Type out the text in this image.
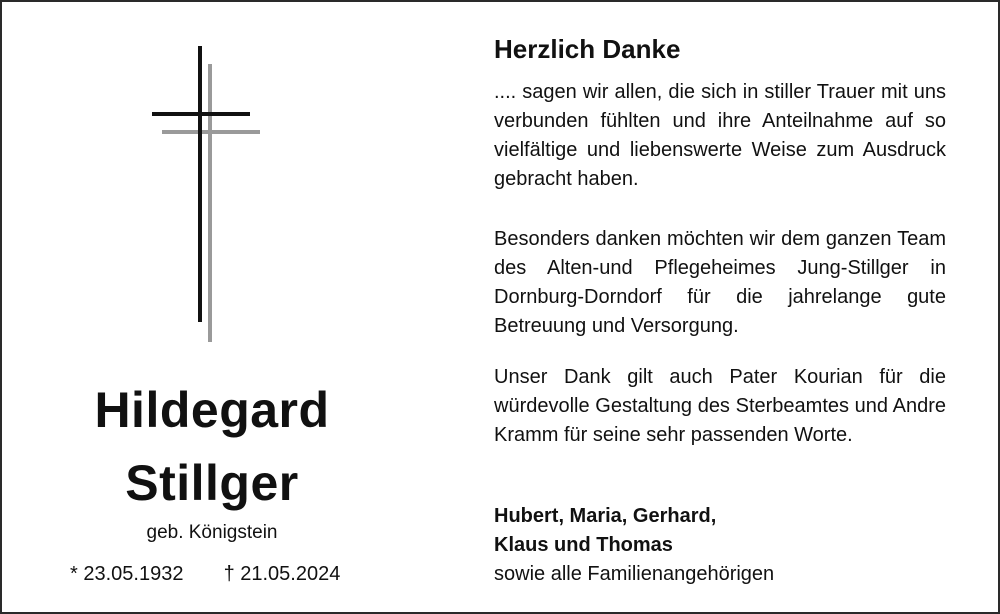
Hildegard
Stillger
geb. Königstein
* 23.05.1932 † 21.05.2024
Herzlich Danke

.... sagen wir allen, die sich in stiller Trauer mit uns verbunden fühlten und ihre Anteilnahme auf so vielfältige und liebenswerte Weise zum Ausdruck gebracht haben.

Besonders danken möchten wir dem ganzen Team des Alten-und Pflegeheimes Jung-Stillger in Dornburg-Dorndorf für die jahrelange gute Betreuung und Versorgung.

Unser Dank gilt auch Pater Kourian für die würdevolle Gestaltung des Sterbeamtes und Andre Kramm für seine sehr passenden Worte.

Hubert, Maria, Gerhard,
Klaus und Thomas
sowie alle Familienangehörigen
